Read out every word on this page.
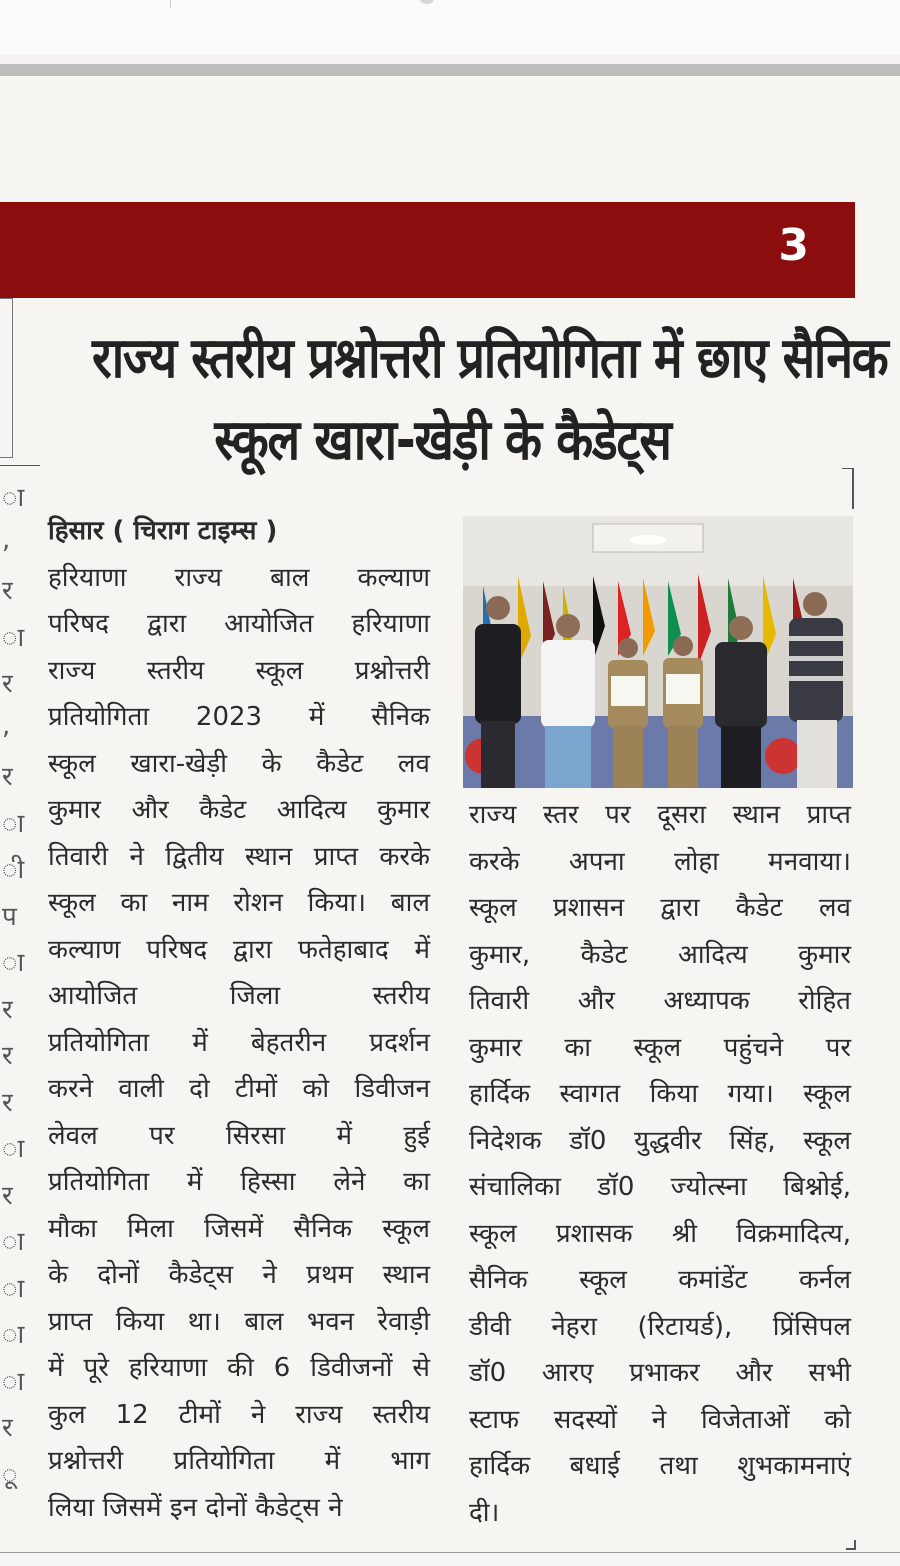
3
राज्य स्तरीय प्रश्नोत्तरी प्रतियोगिता में छाए सैनिक
स्कूल खारा-खेड़ी के कैडेट्स
ा
,
र
ा
र
,
र
ा
ी
प
ा
र
र
र
ा
र
ा
ा
ा
ा
र
ू

हिसार ( चिराग टाइम्स )

हरियाणा राज्य बाल कल्याण

परिषद द्वारा आयोजित हरियाणा

राज्य स्तरीय स्कूल प्रश्नोत्तरी

प्रतियोगिता 2023 में सैनिक

स्कूल खारा-खेड़ी के कैडेट लव

कुमार और कैडेट आदित्य कुमार

तिवारी ने द्वितीय स्थान प्राप्त करके

स्कूल का नाम रोशन किया। बाल

कल्याण परिषद द्वारा फतेहाबाद में

आयोजित जिला स्तरीय

प्रतियोगिता में बेहतरीन प्रदर्शन

करने वाली दो टीमों को डिवीजन

लेवल पर सिरसा में हुई

प्रतियोगिता में हिस्सा लेने का

मौका मिला जिसमें सैनिक स्कूल

के दोनों कैडेट्स ने प्रथम स्थान

प्राप्त किया था। बाल भवन रेवाड़ी

में पूरे हरियाणा की 6 डिवीजनों से

कुल 12 टीमों ने राज्य स्तरीय

प्रश्नोत्तरी प्रतियोगिता में भाग

लिया जिसमें इन दोनों कैडेट्स ने

राज्य स्तर पर दूसरा स्थान प्राप्त

करके अपना लोहा मनवाया।

स्कूल प्रशासन द्वारा कैडेट लव

कुमार, कैडेट आदित्य कुमार

तिवारी और अध्यापक रोहित

कुमार का स्कूल पहुंचने पर

हार्दिक स्वागत किया गया। स्कूल

निदेशक डॉ0 युद्धवीर सिंह, स्कूल

संचालिका डॉ0 ज्योत्स्ना बिश्नोई,

स्कूल प्रशासक श्री विक्रमादित्य,

सैनिक स्कूल कमांडेंट कर्नल

डीवी नेहरा (रिटायर्ड), प्रिंसिपल

डॉ0 आरए प्रभाकर और सभी

स्टाफ सदस्यों ने विजेताओं को

हार्दिक बधाई तथा शुभकामनाएं

दी।
